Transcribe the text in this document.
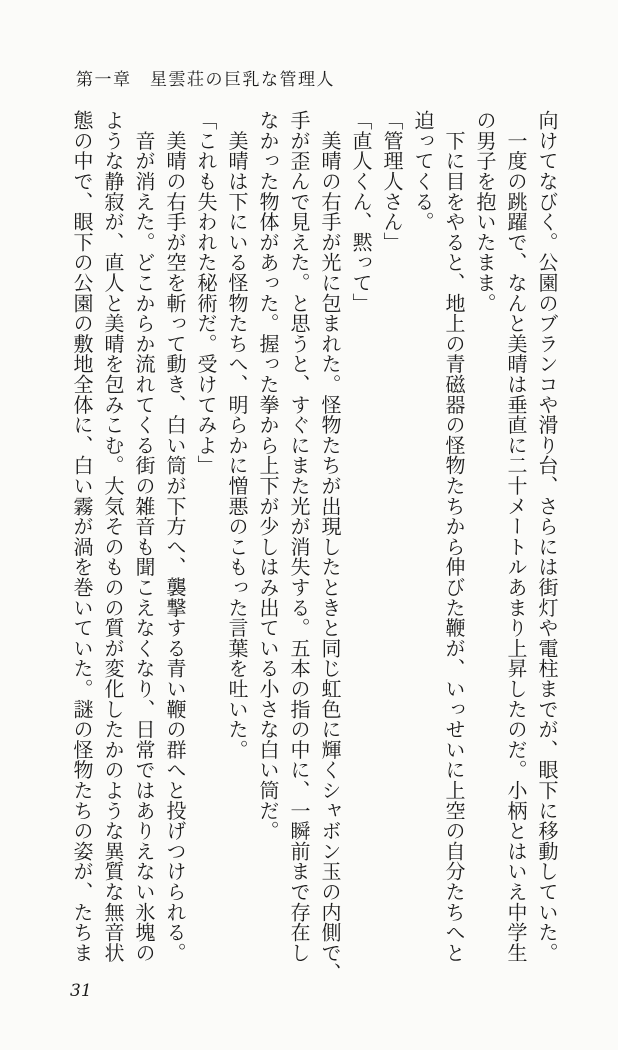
第一章　星雲荘の巨乳な管理人

向けてなびく。公園のブランコや滑り台、さらには街灯や電柱までが、眼下に移動していた。

　一度の跳躍で、なんと美晴は垂直に二十メートルあまり上昇したのだ。小柄とはいえ中学生

の男子を抱いたまま。

　下に目をやると、地上の青磁器の怪物たちから伸びた鞭が、いっせいに上空の自分たちへと

迫ってくる。

「管理人さん」

「直人くん、黙って」

　美晴の右手が光に包まれた。怪物たちが出現したときと同じ虹色に輝くシャボン玉の内側で、

手が歪んで見えた。と思うと、すぐにまた光が消失する。五本の指の中に、一瞬前まで存在し

なかった物体があった。握った拳から上下が少しはみ出ている小さな白い筒だ。

　美晴は下にいる怪物たちへ、明らかに憎悪のこもった言葉を吐いた。

「これも失われた秘術だ。受けてみよ」

　美晴の右手が空を斬って動き、白い筒が下方へ、襲撃する青い鞭の群へと投げつけられる。

　音が消えた。どこからか流れてくる街の雑音も聞こえなくなり、日常ではありえない氷塊の

ような静寂が、直人と美晴を包みこむ。大気そのものの質が変化したかのような異質な無音状

態の中で、眼下の公園の敷地全体に、白い霧が渦を巻いていた。謎の怪物たちの姿が、たちま

31
